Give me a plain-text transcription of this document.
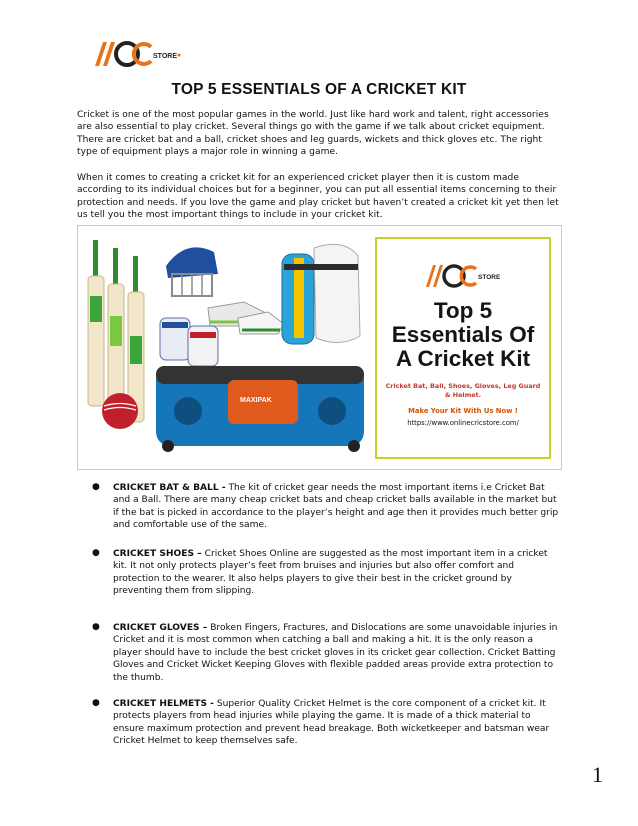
STORE
TOP 5 ESSENTIALS OF A CRICKET KIT

Cricket is one of the most popular games in the world. Just like hard work and talent, right accessories are also essential to play cricket. Several things go with the game if we talk about cricket equipment. There are cricket bat and a ball, cricket shoes and leg guards, wickets and thick gloves etc. The right type of equipment plays a major role in winning a game.

When it comes to creating a cricket kit for an experienced cricket player then it is custom made according to its individual choices but for a beginner, you can put all essential items concerning to their protection and needs. If you love the game and play cricket but haven’t created a cricket kit yet then let us tell you the most important things to include in your cricket kit.

MAXIPAK
STORE
Top 5
Essentials Of
A Cricket Kit
Cricket Bat, Ball, Shoes, Gloves, Leg Guard & Helmet.
Make Your Kit With Us Now !
https://www.onlinecricstore.com/
● CRICKET BAT & BALL - The kit of cricket gear needs the most important items i.e Cricket Bat and a Ball. There are many cheap cricket bats and cheap cricket balls available in the market but if the bat is picked in accordance to the player’s height and age then it provides much better grip and comfortable use of the same.

● CRICKET SHOES – Cricket Shoes Online are suggested as the most important item in a cricket kit. It not only protects player’s feet from bruises and injuries but also offer comfort and protection to the wearer. It also helps players to give their best in the cricket ground by preventing them from slipping.

● CRICKET GLOVES – Broken Fingers, Fractures, and Dislocations are some unavoidable injuries in Cricket and it is most common when catching a ball and making a hit. It is the only reason a player should have to include the best cricket gloves in its cricket gear collection. Cricket Batting Gloves and Cricket Wicket Keeping Gloves with flexible padded areas provide extra protection to the thumb.

● CRICKET HELMETS - Superior Quality Cricket Helmet is the core component of a cricket kit. It protects players from head injuries while playing the game. It is made of a thick material to ensure maximum protection and prevent head breakage. Both wicketkeeper and batsman wear Cricket Helmet to keep themselves safe.

1
